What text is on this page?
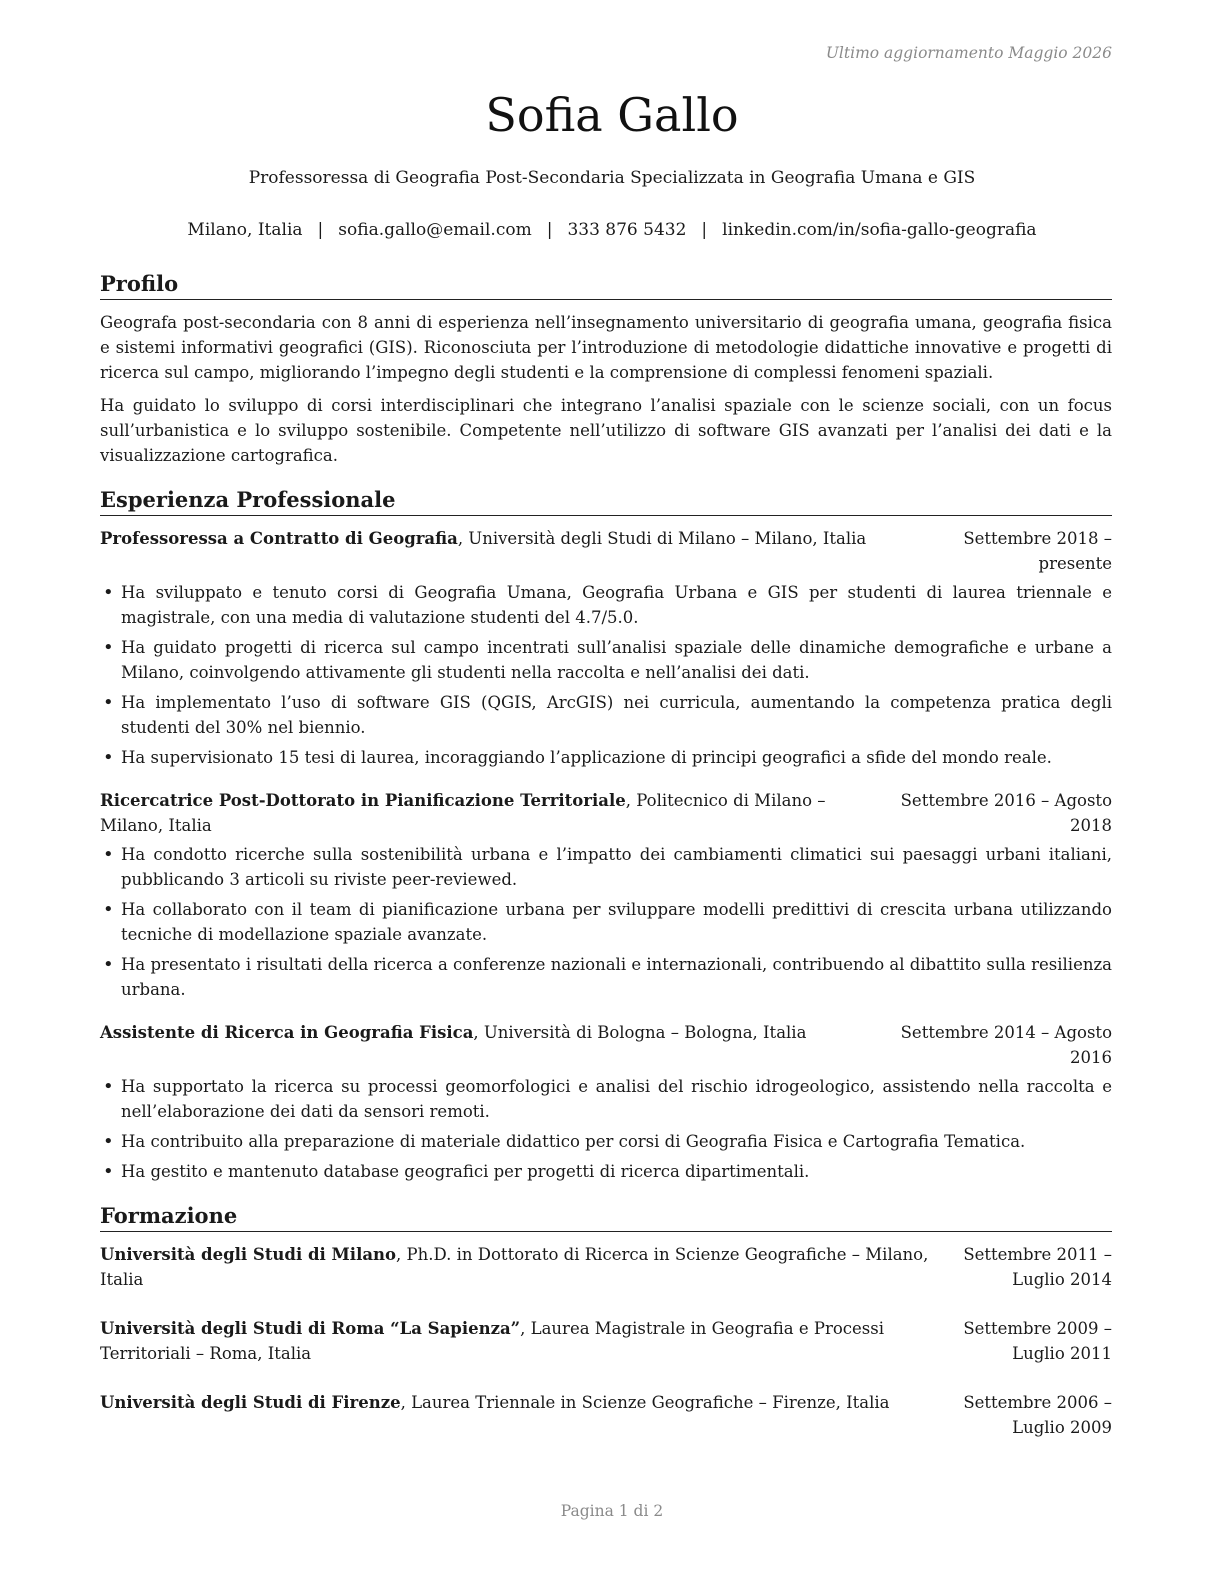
Ultimo aggiornamento Maggio 2026
Sofia Gallo
Professoressa di Geografia Post-Secondaria Specializzata in Geografia Umana e GIS
Milano, Italia | sofia.gallo@email.com | 333 876 5432 | linkedin.com/in/sofia-gallo-geografia
Profilo

Geografa post-secondaria con 8 anni di esperienza nell’insegnamento universitario di geografia umana, geografia fisica e sistemi informativi geografici (GIS). Riconosciuta per l’introduzione di metodologie didattiche innovative e progetti di ricerca sul campo, migliorando l’impegno degli studenti e la comprensione di complessi fenomeni spaziali.

Ha guidato lo sviluppo di corsi interdisciplinari che integrano l’analisi spaziale con le scienze sociali, con un focus sull’urbanistica e lo sviluppo sostenibile. Competente nell’utilizzo di software GIS avanzati per l’analisi dei dati e la visualizzazione cartografica.

Esperienza Professionale
Professoressa a Contratto di Geografia, Università degli Studi di Milano – Milano, Italia	Settembre 2018 – presente
• Ha sviluppato e tenuto corsi di Geografia Umana, Geografia Urbana e GIS per studenti di laurea triennale e magistrale, con una media di valutazione studenti del 4.7/5.0.
• Ha guidato progetti di ricerca sul campo incentrati sull’analisi spaziale delle dinamiche demografiche e urbane a Milano, coinvolgendo attivamente gli studenti nella raccolta e nell’analisi dei dati.
• Ha implementato l’uso di software GIS (QGIS, ArcGIS) nei curricula, aumentando la competenza pratica degli studenti del 30% nel biennio.
• Ha supervisionato 15 tesi di laurea, incoraggiando l’applicazione di principi geografici a sfide del mondo reale.
Ricercatrice Post-Dottorato in Pianificazione Territoriale, Politecnico di Milano – Milano, Italia
Settembre 2016 – Agosto 2018
• Ha condotto ricerche sulla sostenibilità urbana e l’impatto dei cambiamenti climatici sui paesaggi urbani italiani, pubblicando 3 articoli su riviste peer-reviewed.
• Ha collaborato con il team di pianificazione urbana per sviluppare modelli predittivi di crescita urbana utilizzando tecniche di modellazione spaziale avanzate.
• Ha presentato i risultati della ricerca a conferenze nazionali e internazionali, contribuendo al dibattito sulla resilienza urbana.
Assistente di Ricerca in Geografia Fisica, Università di Bologna – Bologna, Italia	Settembre 2014 – Agosto 2016
• Ha supportato la ricerca su processi geomorfologici e analisi del rischio idrogeologico, assistendo nella raccolta e nell’elaborazione dei dati da sensori remoti.
• Ha contribuito alla preparazione di materiale didattico per corsi di Geografia Fisica e Cartografia Tematica.
• Ha gestito e mantenuto database geografici per progetti di ricerca dipartimentali.
Formazione
Università degli Studi di Milano, Ph.D. in Dottorato di Ricerca in Scienze Geografiche – Milano, Italia
Settembre 2011 – Luglio 2014
Università degli Studi di Roma “La Sapienza”, Laurea Magistrale in Geografia e Processi Territoriali – Roma, Italia
Settembre 2009 – Luglio 2011
Università degli Studi di Firenze, Laurea Triennale in Scienze Geografiche – Firenze, Italia	Settembre 2006 – Luglio 2009
Pagina 1 di 2
